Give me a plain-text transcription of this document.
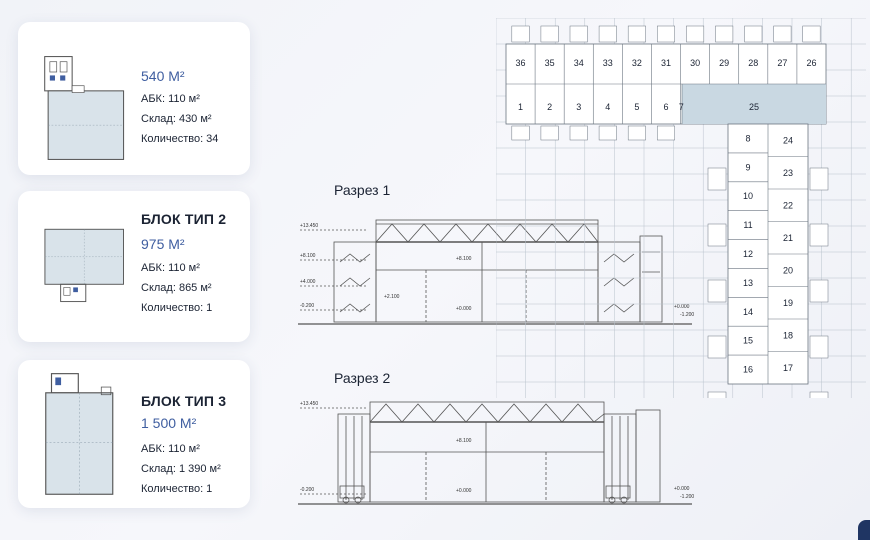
540 М²
АБК: 110 м²
Склад: 430 м²
Количество: 34
БЛОК ТИП 2
975 М²
АБК: 110 м²
Склад: 865 м²
Количество: 1
БЛОК ТИП 3
1 500 М²
АБК: 110 м²
Склад: 1 390 м²
Количество: 1
Разрез 1
+13.450
+8.100
+4.000
-0.200	+0.000
-1.200
+8.100
+2.100
+0.000
Разрез 2
+13.450
-0.200	+0.000
-1.200
+8.100
+0.000
36 35 34 33 32 31 30 29 28 27 26
1	2	3	4	5	6 7	25
8
9
10
11
12
13
14
15
16
24
23
22
21
20
19
18
17
